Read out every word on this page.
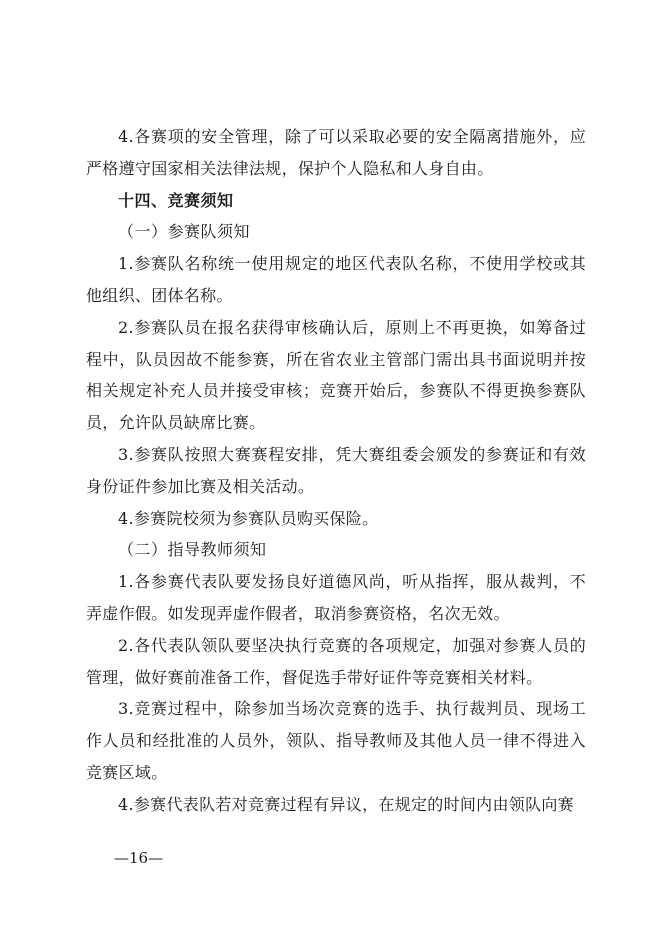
4.各赛项的安全管理，除了可以采取必要的安全隔离措施外，应严格遵守国家相关法律法规，保护个人隐私和人身自由。

十四、竞赛须知

（一）参赛队须知

1.参赛队名称统一使用规定的地区代表队名称，不使用学校或其他组织、团体名称。

2.参赛队员在报名获得审核确认后，原则上不再更换，如筹备过程中，队员因故不能参赛，所在省农业主管部门需出具书面说明并按相关规定补充人员并接受审核；竞赛开始后，参赛队不得更换参赛队员，允许队员缺席比赛。

3.参赛队按照大赛赛程安排，凭大赛组委会颁发的参赛证和有效身份证件参加比赛及相关活动。

4.参赛院校须为参赛队员购买保险。

（二）指导教师须知

1.各参赛代表队要发扬良好道德风尚，听从指挥，服从裁判，不弄虚作假。如发现弄虚作假者，取消参赛资格，名次无效。

2.各代表队领队要坚决执行竞赛的各项规定，加强对参赛人员的管理，做好赛前准备工作，督促选手带好证件等竞赛相关材料。

3.竞赛过程中，除参加当场次竞赛的选手、执行裁判员、现场工作人员和经批准的人员外，领队、指导教师及其他人员一律不得进入竞赛区域。

4.参赛代表队若对竞赛过程有异议，在规定的时间内由领队向赛

—16—
